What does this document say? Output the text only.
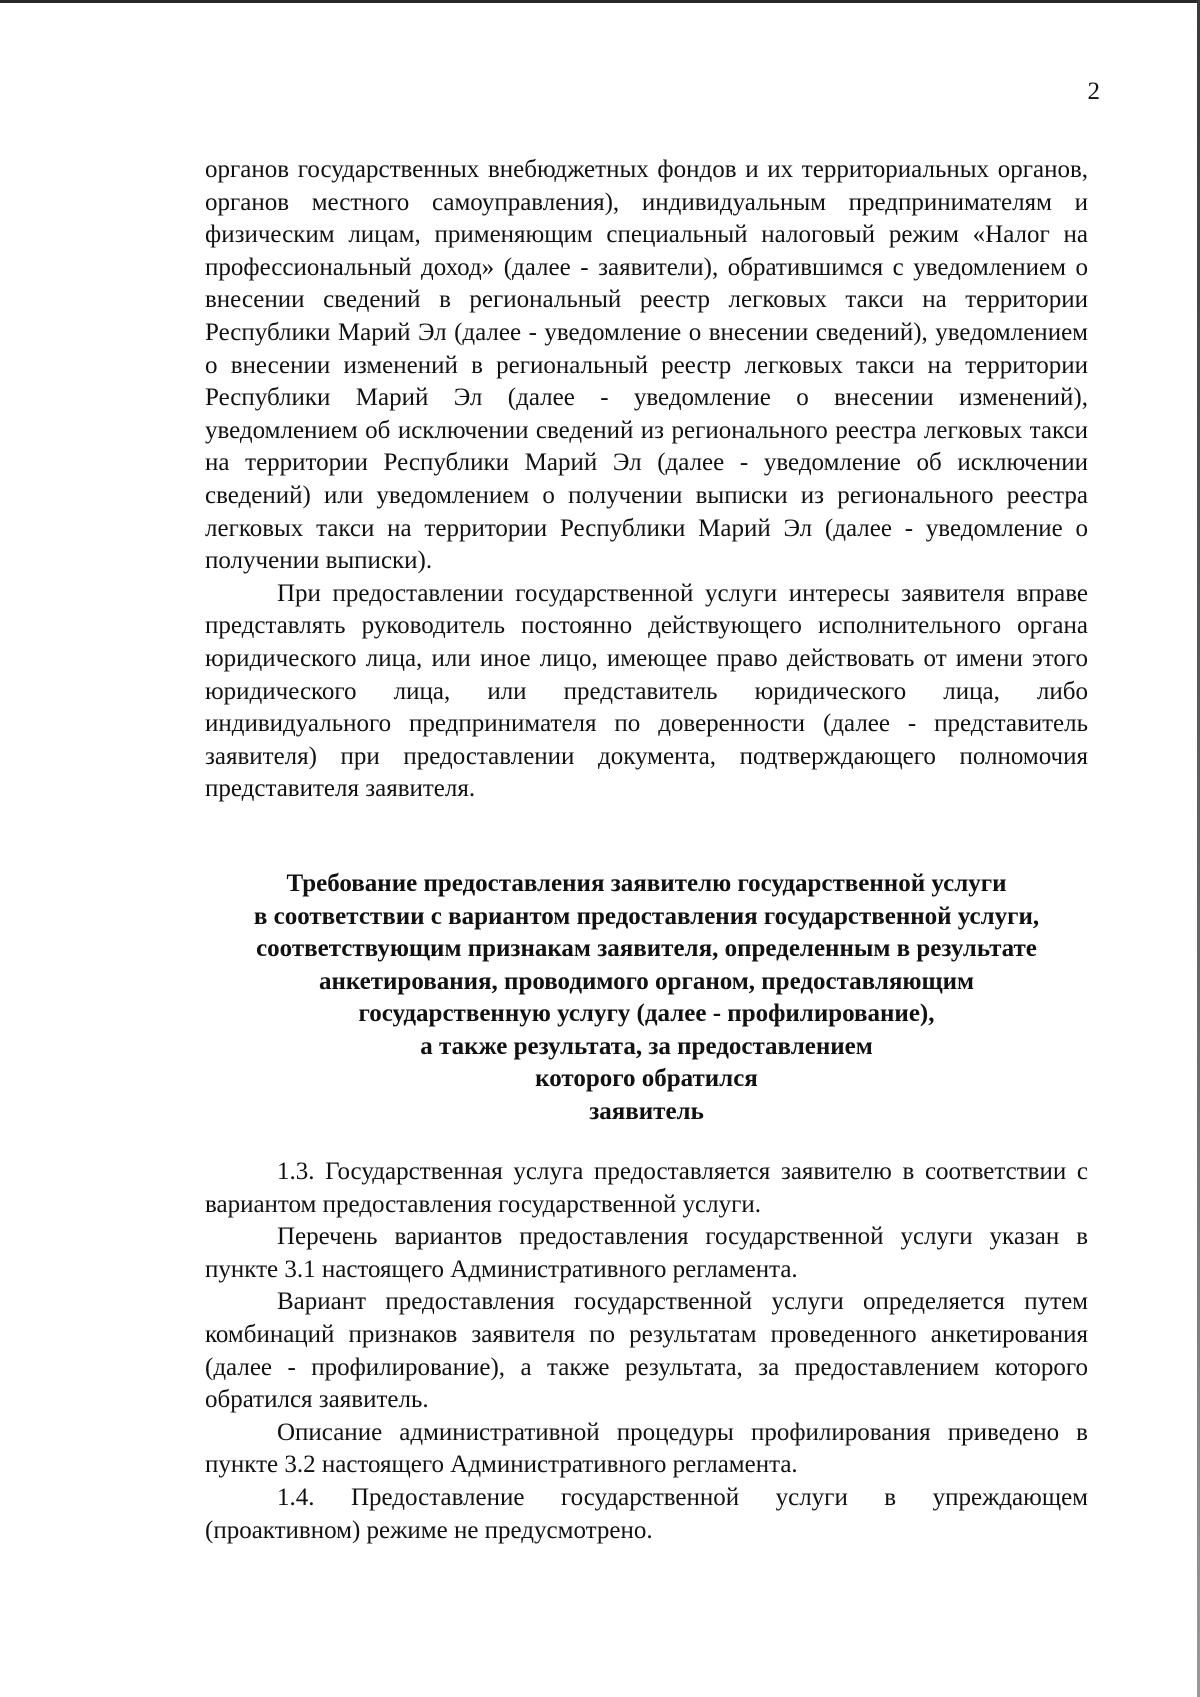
2

органов государственных внебюджетных фондов и их территориальных органов, органов местного самоуправления), индивидуальным предпринимателям и физическим лицам, применяющим специальный налоговый режим «Налог на профессиональный доход» (далее - заявители), обратившимся с уведомлением о внесении сведений в региональный реестр легковых такси на территории Республики Марий Эл (далее - уведомление о внесении сведений), уведомлением о внесении изменений в региональный реестр легковых такси на территории Республики Марий Эл (далее - уведомление о внесении изменений), уведомлением об исключении сведений из регионального реестра легковых такси на территории Республики Марий Эл (далее - уведомление об исключении сведений) или уведомлением о получении выписки из регионального реестра легковых такси на территории Республики Марий Эл (далее - уведомление о получении выписки).

При предоставлении государственной услуги интересы заявителя вправе представлять руководитель постоянно действующего исполнительного органа юридического лица, или иное лицо, имеющее право действовать от имени этого юридического лица, или представитель юридического лица, либо индивидуального предпринимателя по доверенности (далее - представитель заявителя) при предоставлении документа, подтверждающего полномочия представителя заявителя.

Требование предоставления заявителю государственной услуги
в соответствии с вариантом предоставления государственной услуги,
соответствующим признакам заявителя, определенным в результате
анкетирования, проводимого органом, предоставляющим
государственную услугу (далее - профилирование),
а также результата, за предоставлением
которого обратился
заявитель

1.3. Государственная услуга предоставляется заявителю в соответствии с вариантом предоставления государственной услуги.

Перечень вариантов предоставления государственной услуги указан в пункте 3.1 настоящего Административного регламента.

Вариант предоставления государственной услуги определяется путем комбинаций признаков заявителя по результатам проведенного анкетирования (далее - профилирование), а также результата, за предоставлением которого обратился заявитель.

Описание административной процедуры профилирования приведено в пункте 3.2 настоящего Административного регламента.

1.4. Предоставление государственной услуги в упреждающем (проактивном) режиме не предусмотрено.
